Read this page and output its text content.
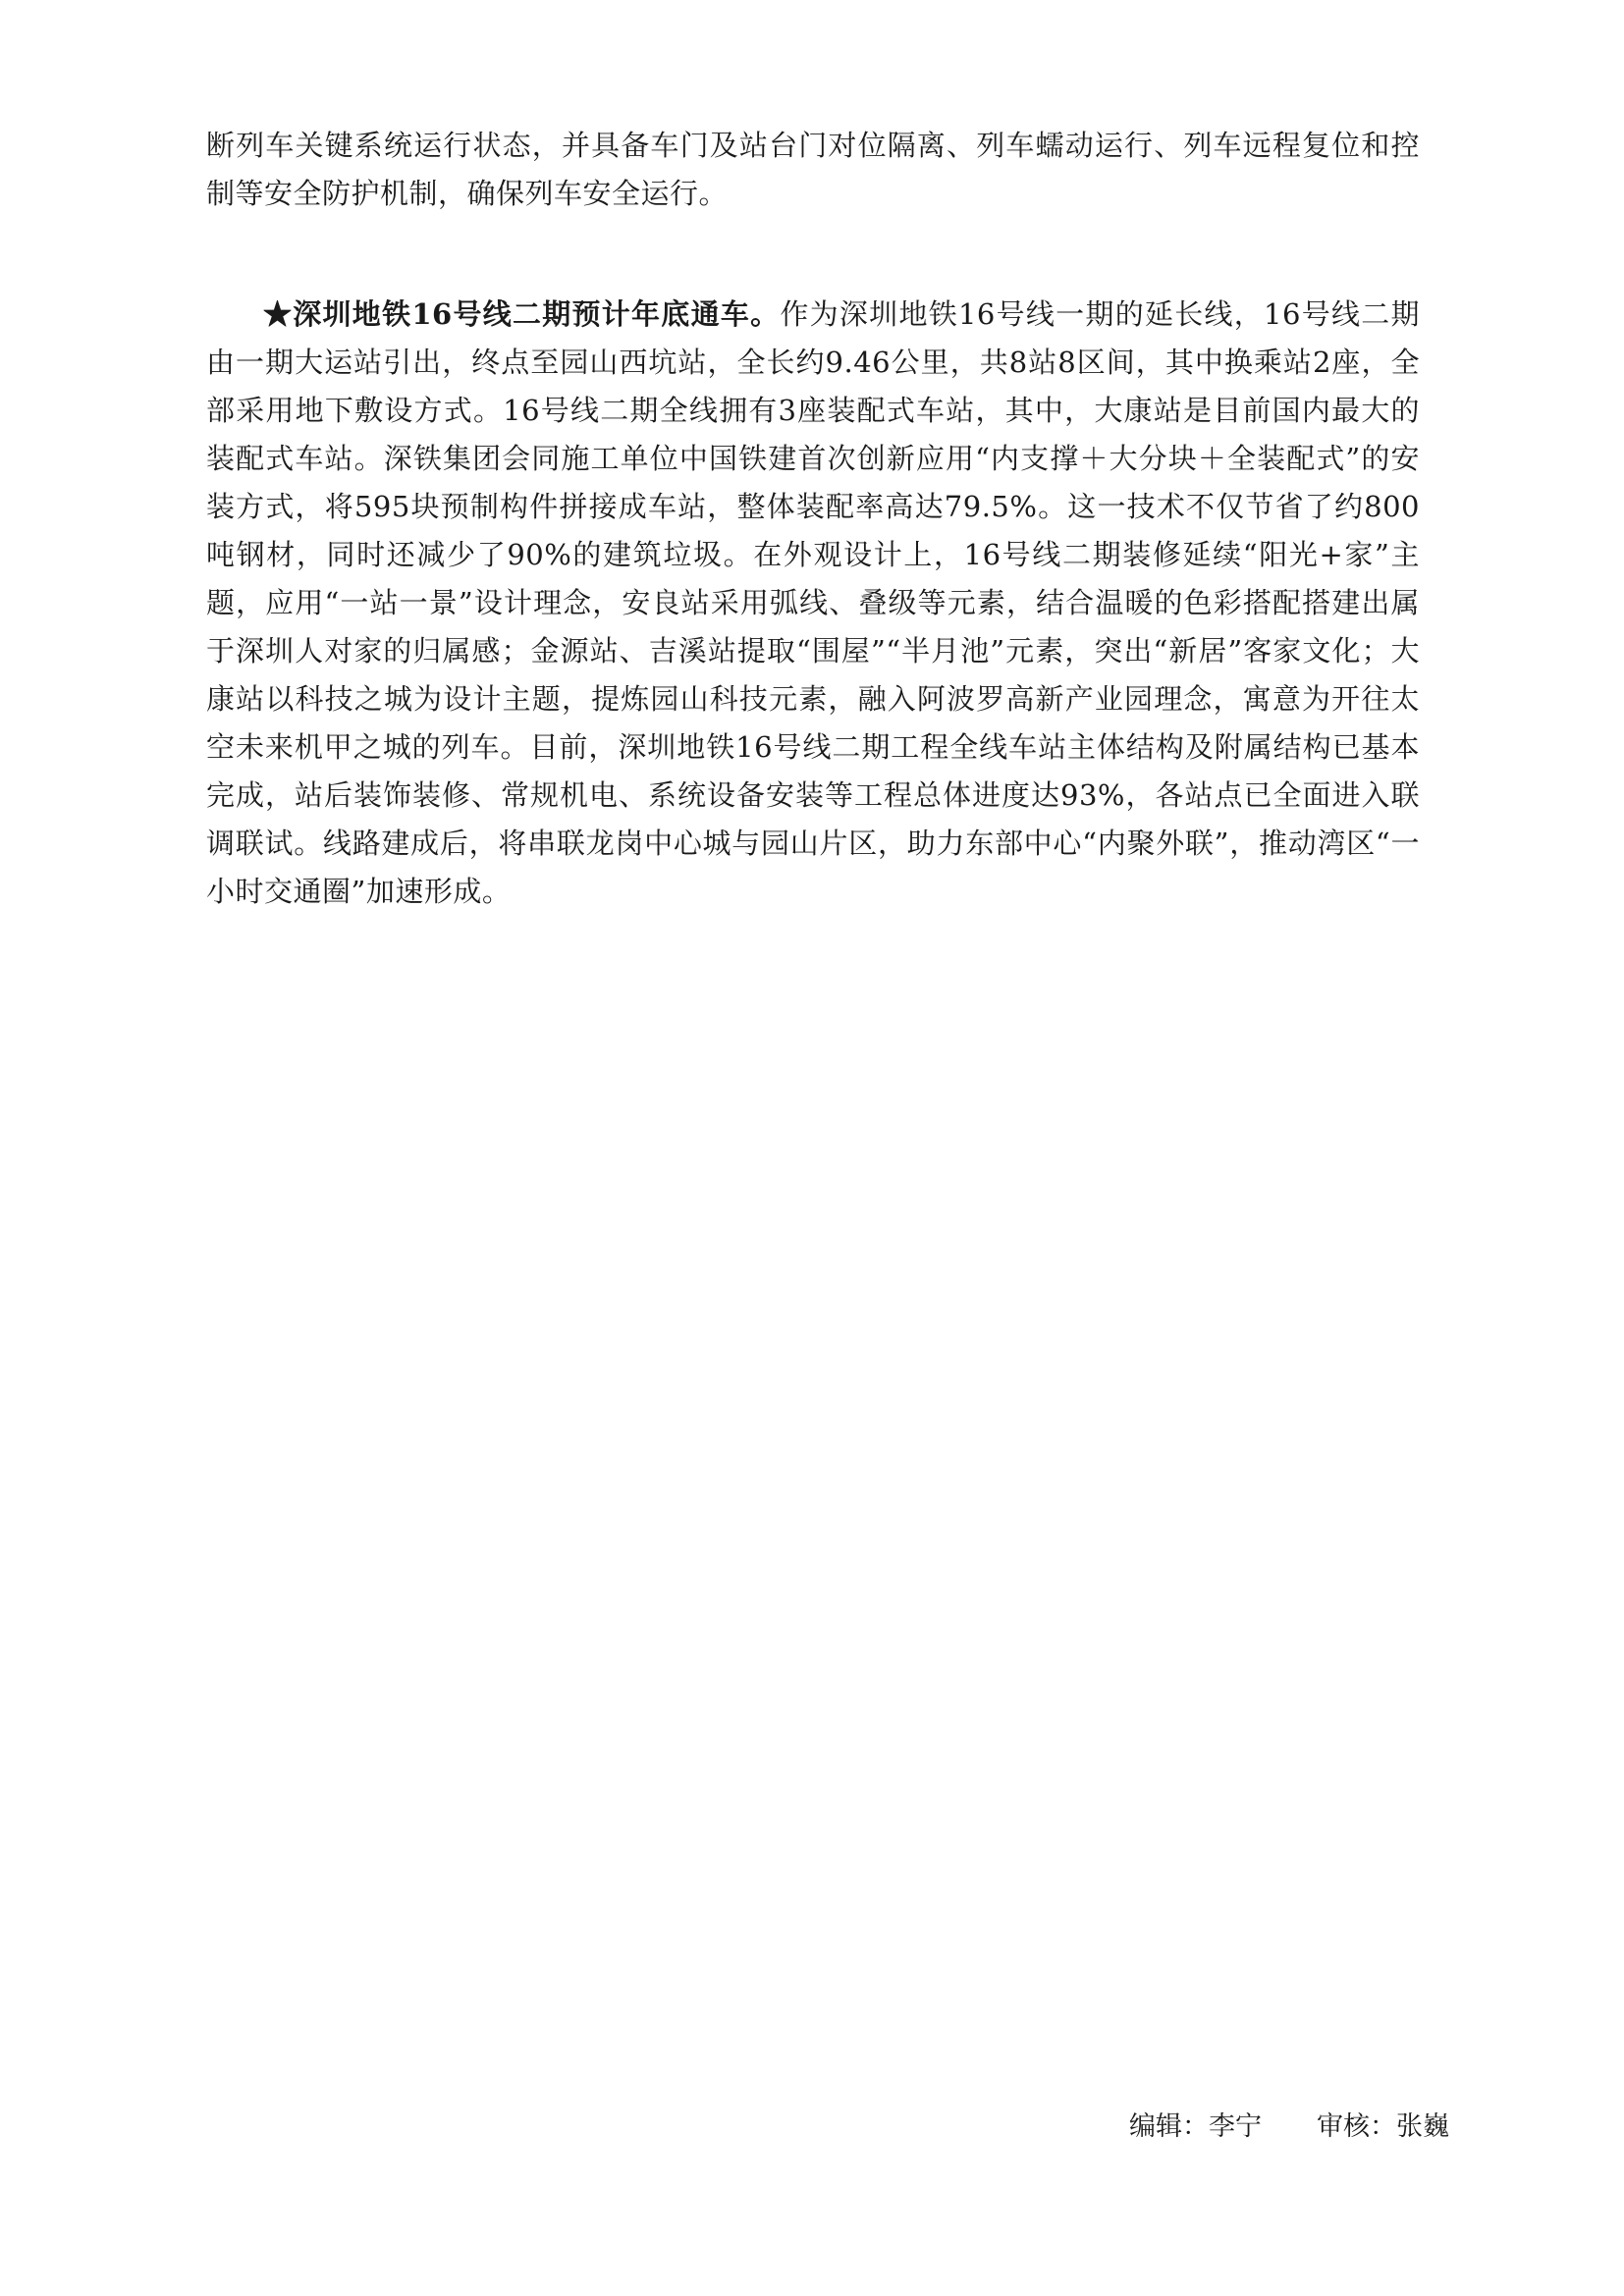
断列车关键系统运行状态，并具备车门及站台门对位隔离、列车蠕动运行、列车远程复位和控制等安全防护机制，确保列车安全运行。

★深圳地铁16号线二期预计年底通车。作为深圳地铁16号线一期的延长线，16号线二期由一期大运站引出，终点至园山西坑站，全长约9.46公里，共8站8区间，其中换乘站2座，全部采用地下敷设方式。16号线二期全线拥有3座装配式车站，其中，大康站是目前国内最大的装配式车站。深铁集团会同施工单位中国铁建首次创新应用“内支撑＋大分块＋全装配式”的安装方式，将595块预制构件拼接成车站，整体装配率高达79.5%。这一技术不仅节省了约800吨钢材，同时还减少了90%的建筑垃圾。在外观设计上，16号线二期装修延续“阳光+家”主题，应用“一站一景”设计理念，安良站采用弧线、叠级等元素，结合温暖的色彩搭配搭建出属于深圳人对家的归属感；金源站、吉溪站提取“围屋”“半月池”元素，突出“新居”客家文化；大康站以科技之城为设计主题，提炼园山科技元素，融入阿波罗高新产业园理念，寓意为开往太空未来机甲之城的列车。目前，深圳地铁16号线二期工程全线车站主体结构及附属结构已基本完成，站后装饰装修、常规机电、系统设备安装等工程总体进度达93%，各站点已全面进入联调联试。线路建成后，将串联龙岗中心城与园山片区，助力东部中心“内聚外联”，推动湾区“一小时交通圈”加速形成。

编辑：李宁 审核：张巍
